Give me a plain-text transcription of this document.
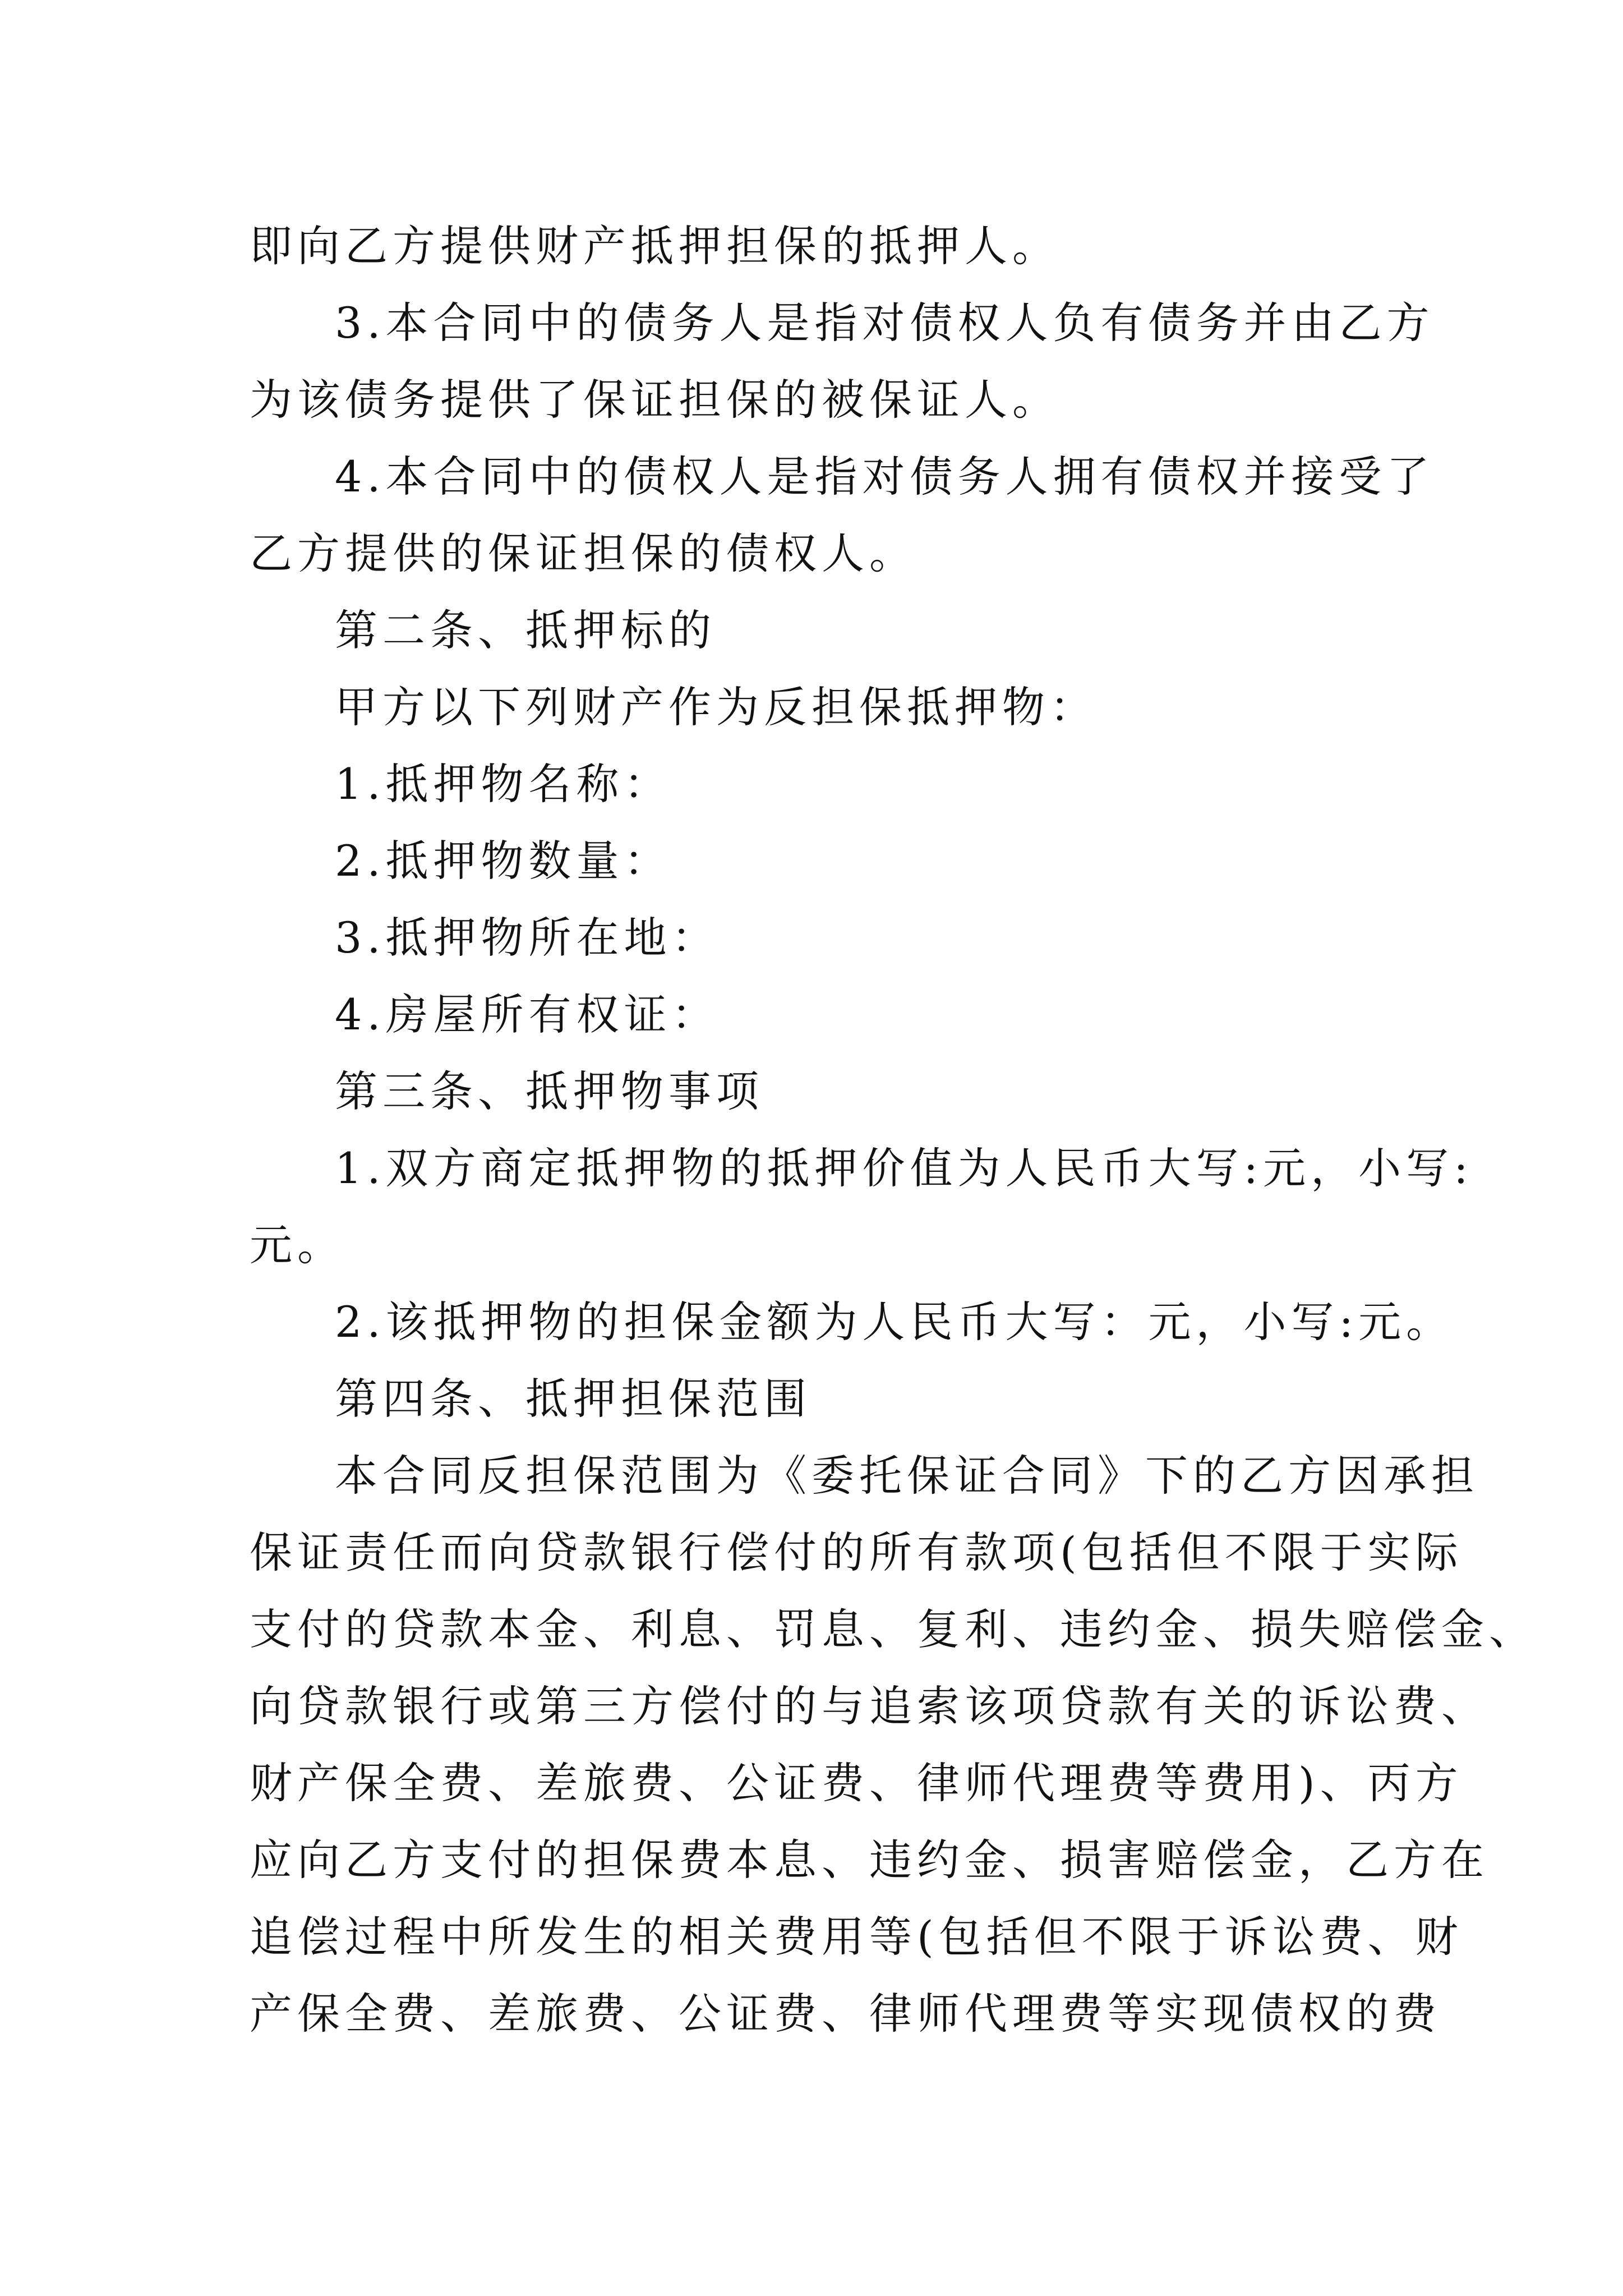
即向乙方提供财产抵押担保的抵押人。
3.本合同中的债务人是指对债权人负有债务并由乙方
为该债务提供了保证担保的被保证人。
4.本合同中的债权人是指对债务人拥有债权并接受了
乙方提供的保证担保的债权人。
第二条、抵押标的
甲方以下列财产作为反担保抵押物：
1.抵押物名称：
2.抵押物数量：
3.抵押物所在地：
4.房屋所有权证：
第三条、抵押物事项
1.双方商定抵押物的抵押价值为人民币大写:元，小写:
元。
2.该抵押物的担保金额为人民币大写：元，小写:元。
第四条、抵押担保范围
本合同反担保范围为《委托保证合同》下的乙方因承担
保证责任而向贷款银行偿付的所有款项(包括但不限于实际
支付的贷款本金、利息、罚息、复利、违约金、损失赔偿金、
向贷款银行或第三方偿付的与追索该项贷款有关的诉讼费、
财产保全费、差旅费、公证费、律师代理费等费用)、丙方
应向乙方支付的担保费本息、违约金、损害赔偿金，乙方在
追偿过程中所发生的相关费用等(包括但不限于诉讼费、财
产保全费、差旅费、公证费、律师代理费等实现债权的费
